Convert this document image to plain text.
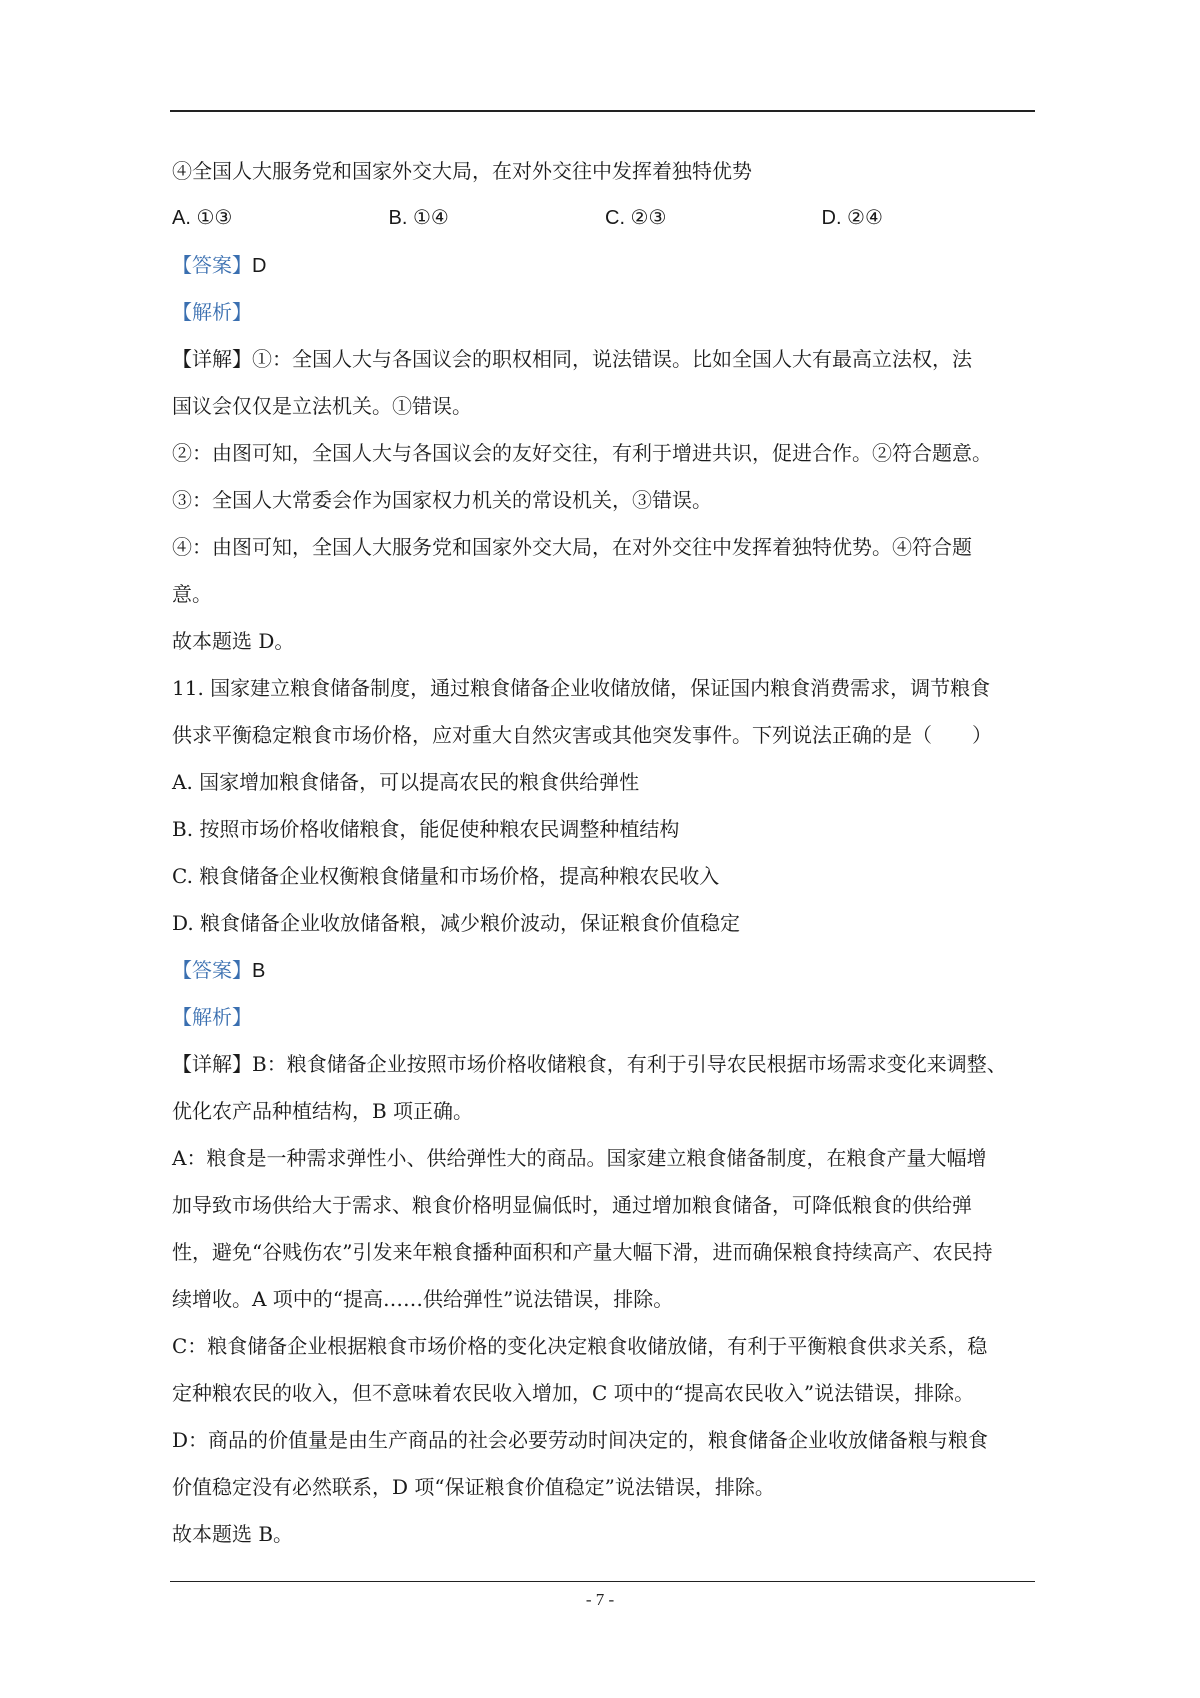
④全国人大服务党和国家外交大局，在对外交往中发挥着独特优势

A. ①③	B. ①④	C. ②③	D. ②④

【答案】D

【解析】

【详解】①：全国人大与各国议会的职权相同，说法错误。比如全国人大有最高立法权，法

国议会仅仅是立法机关。①错误。

②：由图可知，全国人大与各国议会的友好交往，有利于增进共识，促进合作。②符合题意。

③：全国人大常委会作为国家权力机关的常设机关，③错误。

④：由图可知，全国人大服务党和国家外交大局，在对外交往中发挥着独特优势。④符合题

意。

故本题选 D。

11. 国家建立粮食储备制度，通过粮食储备企业收储放储，保证国内粮食消费需求，调节粮食

供求平衡稳定粮食市场价格，应对重大自然灾害或其他突发事件。下列说法正确的是（　　）

A. 国家增加粮食储备，可以提高农民的粮食供给弹性

B. 按照市场价格收储粮食，能促使种粮农民调整种植结构

C. 粮食储备企业权衡粮食储量和市场价格，提高种粮农民收入

D. 粮食储备企业收放储备粮，减少粮价波动，保证粮食价值稳定

【答案】B

【解析】

【详解】B：粮食储备企业按照市场价格收储粮食，有利于引导农民根据市场需求变化来调整、

优化农产品种植结构，B 项正确。

A：粮食是一种需求弹性小、供给弹性大的商品。国家建立粮食储备制度，在粮食产量大幅增

加导致市场供给大于需求、粮食价格明显偏低时，通过增加粮食储备，可降低粮食的供给弹

性，避免“谷贱伤农”引发来年粮食播种面积和产量大幅下滑，进而确保粮食持续高产、农民持

续增收。A 项中的“提高……供给弹性”说法错误，排除。

C：粮食储备企业根据粮食市场价格的变化决定粮食收储放储，有利于平衡粮食供求关系，稳

定种粮农民的收入，但不意味着农民收入增加，C 项中的“提高农民收入”说法错误，排除。

D：商品的价值量是由生产商品的社会必要劳动时间决定的，粮食储备企业收放储备粮与粮食

价值稳定没有必然联系，D 项“保证粮食价值稳定”说法错误，排除。

故本题选 B。

- 7 -
